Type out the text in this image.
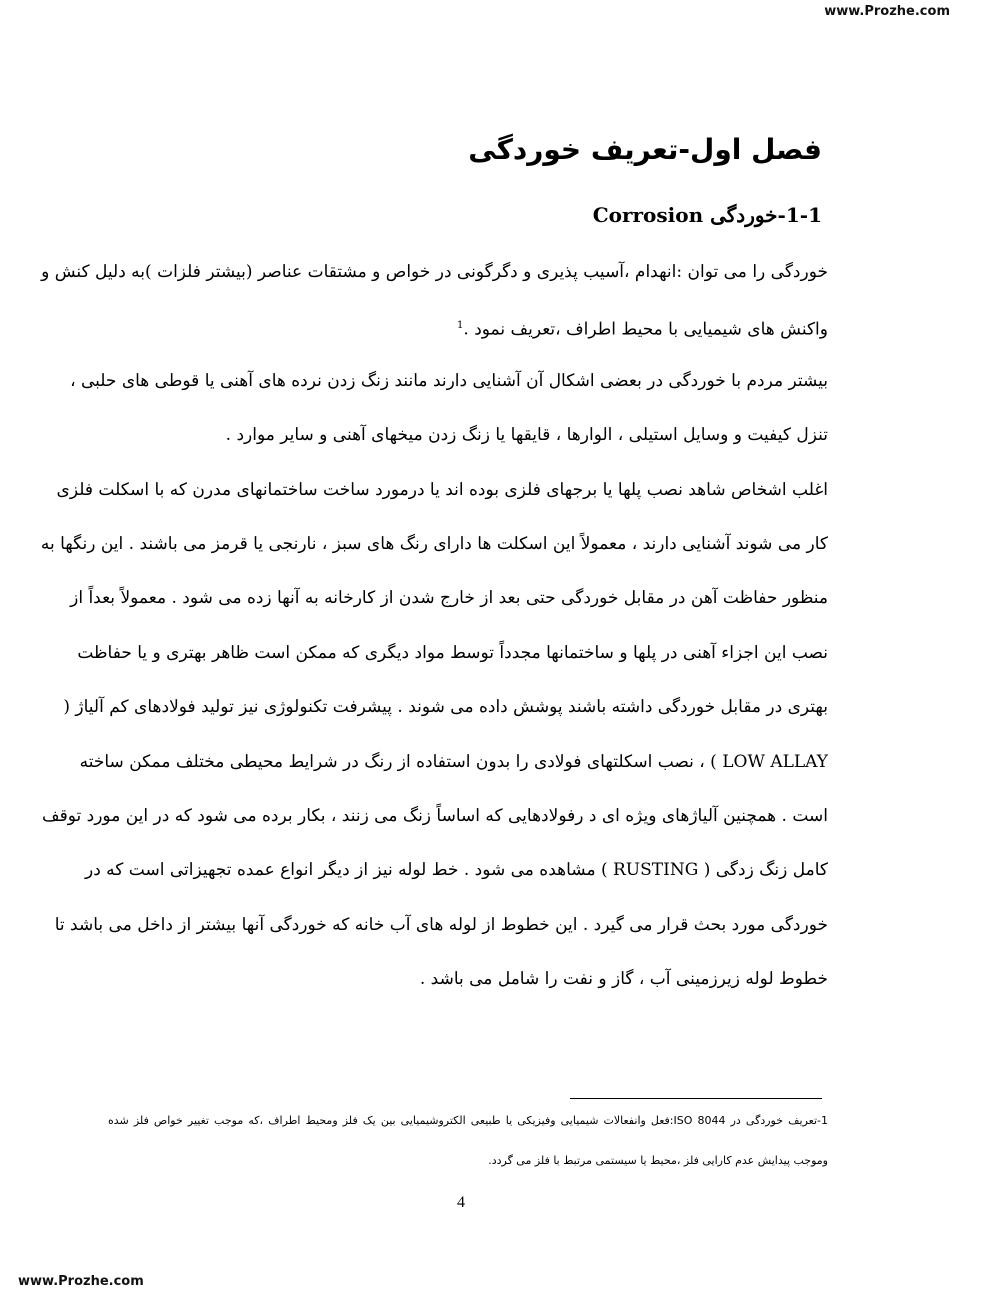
www.Prozhe.com
فصل اول-تعریف خوردگی
1-1-خوردگی Corrosion
خوردگی را می توان :انهدام ،آسیب پذیری و دگرگونی در خواص و مشتقات عناصر (بیشتر فلزات )به دلیل کنش و
واکنش های شیمیایی با محیط اطراف ،تعریف نمود .$^1$
بیشتر مردم با خوردگی در بعضی اشکال آن آشنایی دارند مانند زنگ زدن نرده های آهنی یا قوطی های حلبی ،
تنزل کیفیت و وسایل استیلی ، الوارها ، قایقها یا زنگ زدن میخهای آهنی و سایر موارد .
اغلب اشخاص شاهد نصب پلها یا برجهای فلزی بوده اند یا درمورد ساخت ساختمانهای مدرن که با اسکلت فلزی
کار می شوند آشنایی دارند ، معمولاً این اسکلت ها دارای رنگ های سبز ، نارنجی یا قرمز می باشند . این رنگها به
منظور حفاظت آهن در مقابل خوردگی حتی بعد از خارج شدن از کارخانه به آنها زده می شود . معمولاً بعداً از
نصب این اجزاء آهنی در پلها و ساختمانها مجدداً توسط مواد دیگری که ممکن است ظاهر بهتری و یا حفاظت
بهتری در مقابل خوردگی داشته باشند پوشش داده می شوند . پیشرفت تکنولوژی نیز تولید فولادهای کم آلیاژ (
LOW ALLAY ) ، نصب اسکلتهای فولادی را بدون استفاده از رنگ در شرایط محیطی مختلف ممکن ساخته
است . همچنین آلیاژهای ویژه ای د رفولادهایی که اساساً زنگ می زنند ، بکار برده می شود که در این مورد توقف
کامل زنگ زدگی ( RUSTING ) مشاهده می شود . خط لوله نیز از دیگر انواع عمده تجهیزاتی است که در
خوردگی مورد بحث قرار می گیرد . این خطوط از لوله های آب خانه که خوردگی آنها بیشتر از داخل می باشد تا
خطوط لوله زیرزمینی آب ، گاز و نفت را شامل می باشد .
1-تعریف خوردگی در ISO 8044:فعل وانفعالات شیمیایی وفیزیکی یا طبیعی الکتروشیمیایی بین یک فلز ومحیط اطراف ،که موجب تغییر خواص فلز شده
وموجب پیدایش عدم کارایی فلز ،محیط یا سیستمی مرتبط با فلز می گردد.
4
www.Prozhe.com
